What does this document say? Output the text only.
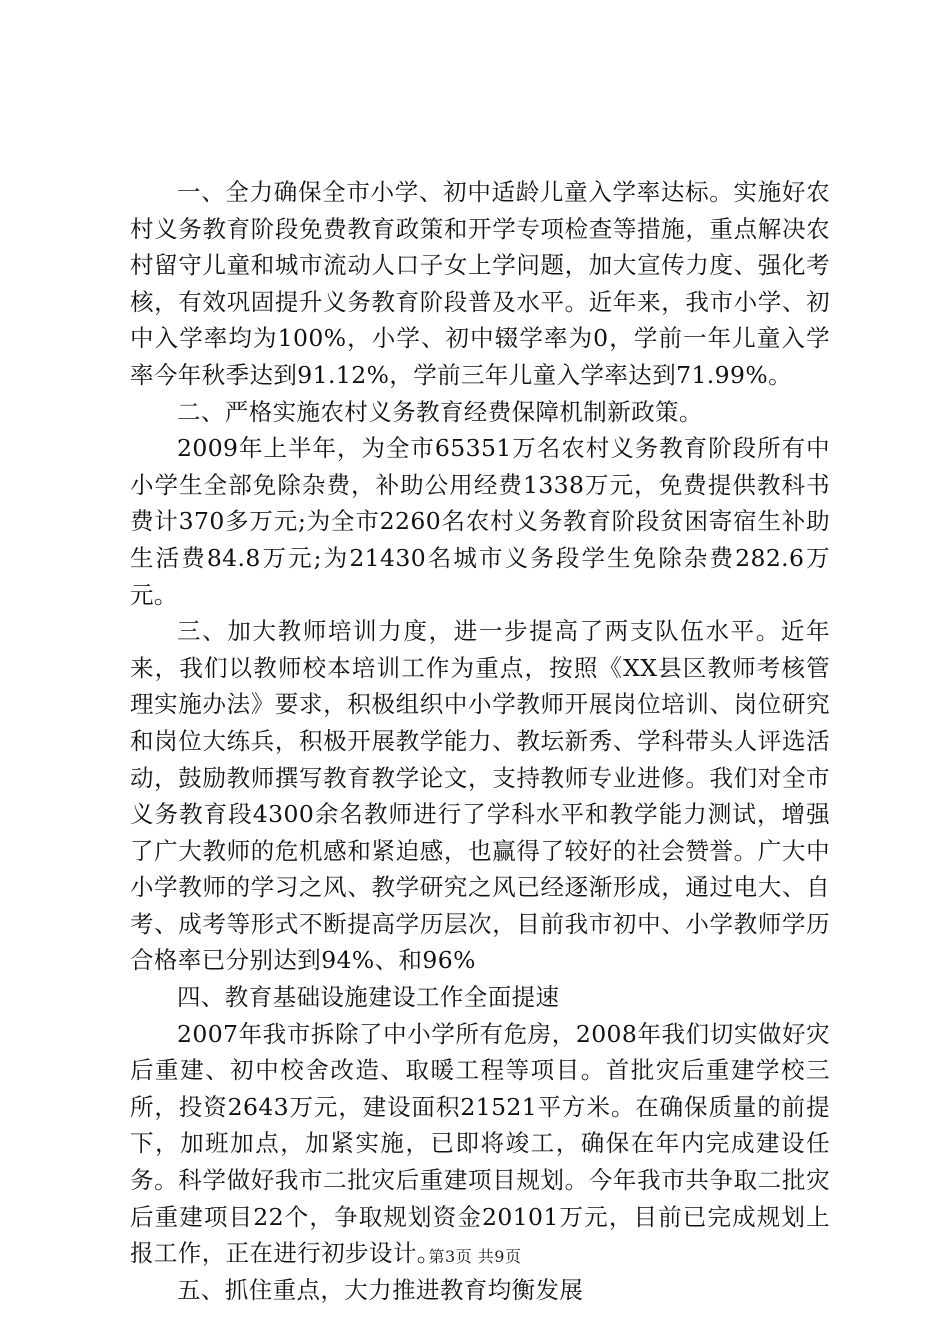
一、全力确保全市小学、初中适龄儿童入学率达标。实施好农村义务教育阶段免费教育政策和开学专项检查等措施，重点解决农村留守儿童和城市流动人口子女上学问题，加大宣传力度、强化考核，有效巩固提升义务教育阶段普及水平。近年来，我市小学、初中入学率均为100%，小学、初中辍学率为0，学前一年儿童入学率今年秋季达到91.12%，学前三年儿童入学率达到71.99%。

二、严格实施农村义务教育经费保障机制新政策。

2009年上半年，为全市65351万名农村义务教育阶段所有中小学生全部免除杂费，补助公用经费1338万元，免费提供教科书费计370多万元;为全市2260名农村义务教育阶段贫困寄宿生补助生活费84.8万元;为21430名城市义务段学生免除杂费282.6万元。

三、加大教师培训力度，进一步提高了两支队伍水平。近年来，我们以教师校本培训工作为重点，按照《XX县区教师考核管理实施办法》要求，积极组织中小学教师开展岗位培训、岗位研究和岗位大练兵，积极开展教学能力、教坛新秀、学科带头人评选活动，鼓励教师撰写教育教学论文，支持教师专业进修。我们对全市义务教育段4300余名教师进行了学科水平和教学能力测试，增强了广大教师的危机感和紧迫感，也赢得了较好的社会赞誉。广大中小学教师的学习之风、教学研究之风已经逐渐形成，通过电大、自考、成考等形式不断提高学历层次，目前我市初中、小学教师学历合格率已分别达到94%、和96%

四、教育基础设施建设工作全面提速

2007年我市拆除了中小学所有危房，2008年我们切实做好灾后重建、初中校舍改造、取暖工程等项目。首批灾后重建学校三所，投资2643万元，建设面积21521平方米。在确保质量的前提下，加班加点，加紧实施，已即将竣工，确保在年内完成建设任务。科学做好我市二批灾后重建项目规划。今年我市共争取二批灾后重建项目22个，争取规划资金20101万元，目前已完成规划上报工作，正在进行初步设计。

五、抓住重点，大力推进教育均衡发展

第3页 共9页
